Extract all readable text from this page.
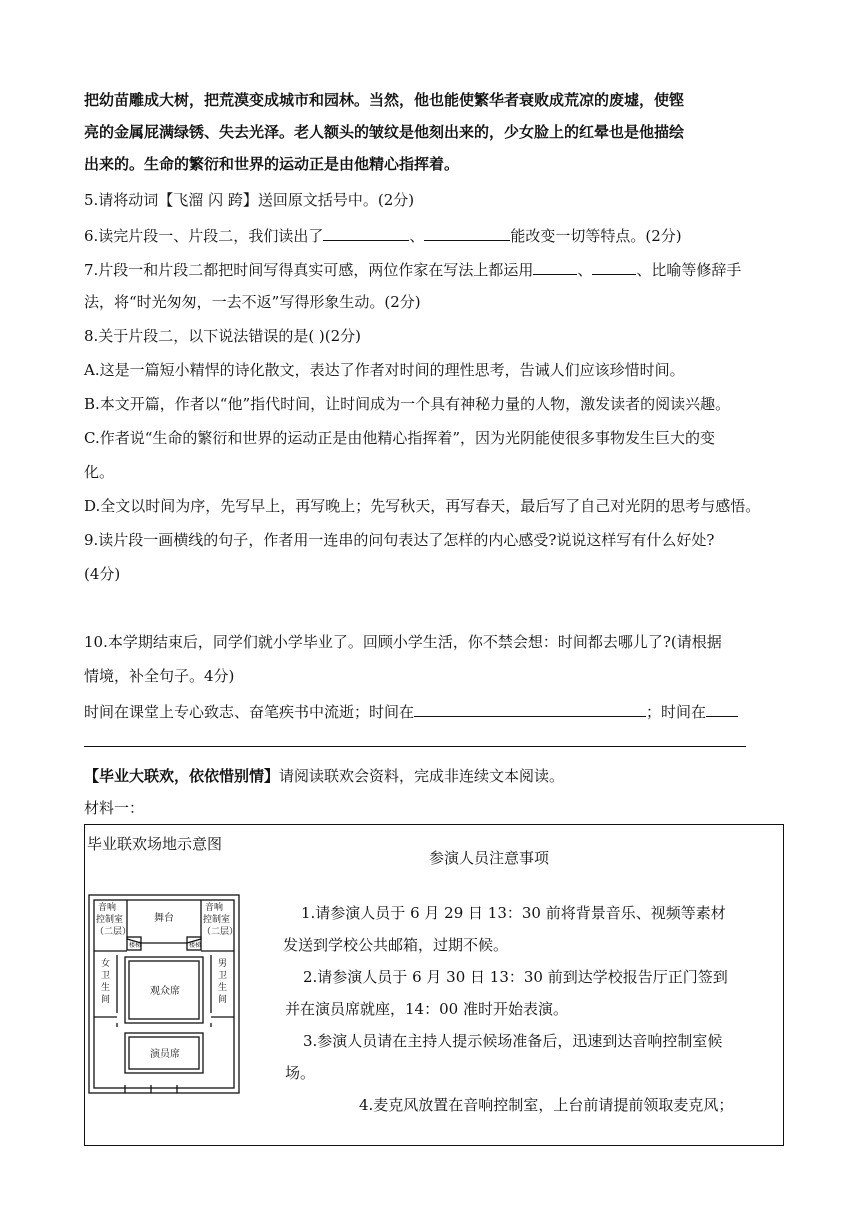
把幼苗雕成大树，把荒漠变成城市和园林。当然，他也能使繁华者衰败成荒凉的废墟，使铿
亮的金属屁满绿锈、失去光泽。老人额头的皱纹是他刻出来的，少女脸上的红晕也是他描绘
出来的。生命的繁衍和世界的运动正是由他精心指挥着。
5.请将动词【飞溜 闪 跨】送回原文括号中。(2分)
6.读完片段一、片段二，我们读出了	、	能改变一切等特点。(2分)
7.片段一和片段二都把时间写得真实可感，两位作家在写法上都运用	、	、比喻等修辞手
法，将“时光匆匆，一去不返”写得形象生动。(2分)
8.关于片段二，以下说法错误的是( )(2分)
A.这是一篇短小精悍的诗化散文，表达了作者对时间的理性思考，告诫人们应该珍惜时间。
B.本文开篇，作者以“他”指代时间，让时间成为一个具有神秘力量的人物，激发读者的阅读兴趣。
C.作者说“生命的繁衍和世界的运动正是由他精心指挥着”，因为光阴能使很多事物发生巨大的变
化。
D.全文以时间为序，先写早上，再写晚上；先写秋天，再写春天，最后写了自己对光阴的思考与感悟。
9.读片段一画横线的句子，作者用一连串的问句表达了怎样的内心感受?说说这样写有什么好处?
(4分)
10.本学期结束后，同学们就小学毕业了。回顾小学生活，你不禁会想：时间都去哪儿了?(请根据
情境，补全句子。4分)
时间在课堂上专心致志、奋笔疾书中流逝；时间在	；时间在
【毕业大联欢，依依惜别情】请阅读联欢会资料，完成非连续文本阅读。
材料一：
毕业联欢场地示意图
参演人员注意事项
音响
控制室
（二层）
音响
控制室
（二层）
舞台
观众席
演员席
楼梯	楼梯
女
卫
生
间
男
卫
生
间
1.请参演人员于 6 月 29 日 13：30 前将背景音乐、视频等素材
发送到学校公共邮箱，过期不候。
2.请参演人员于 6 月 30 日 13：30 前到达学校报告厅正门签到
并在演员席就座，14：00 准时开始表演。
3.参演人员请在主持人提示候场准备后，迅速到达音响控制室候
场。
4.麦克风放置在音响控制室，上台前请提前领取麦克风；
